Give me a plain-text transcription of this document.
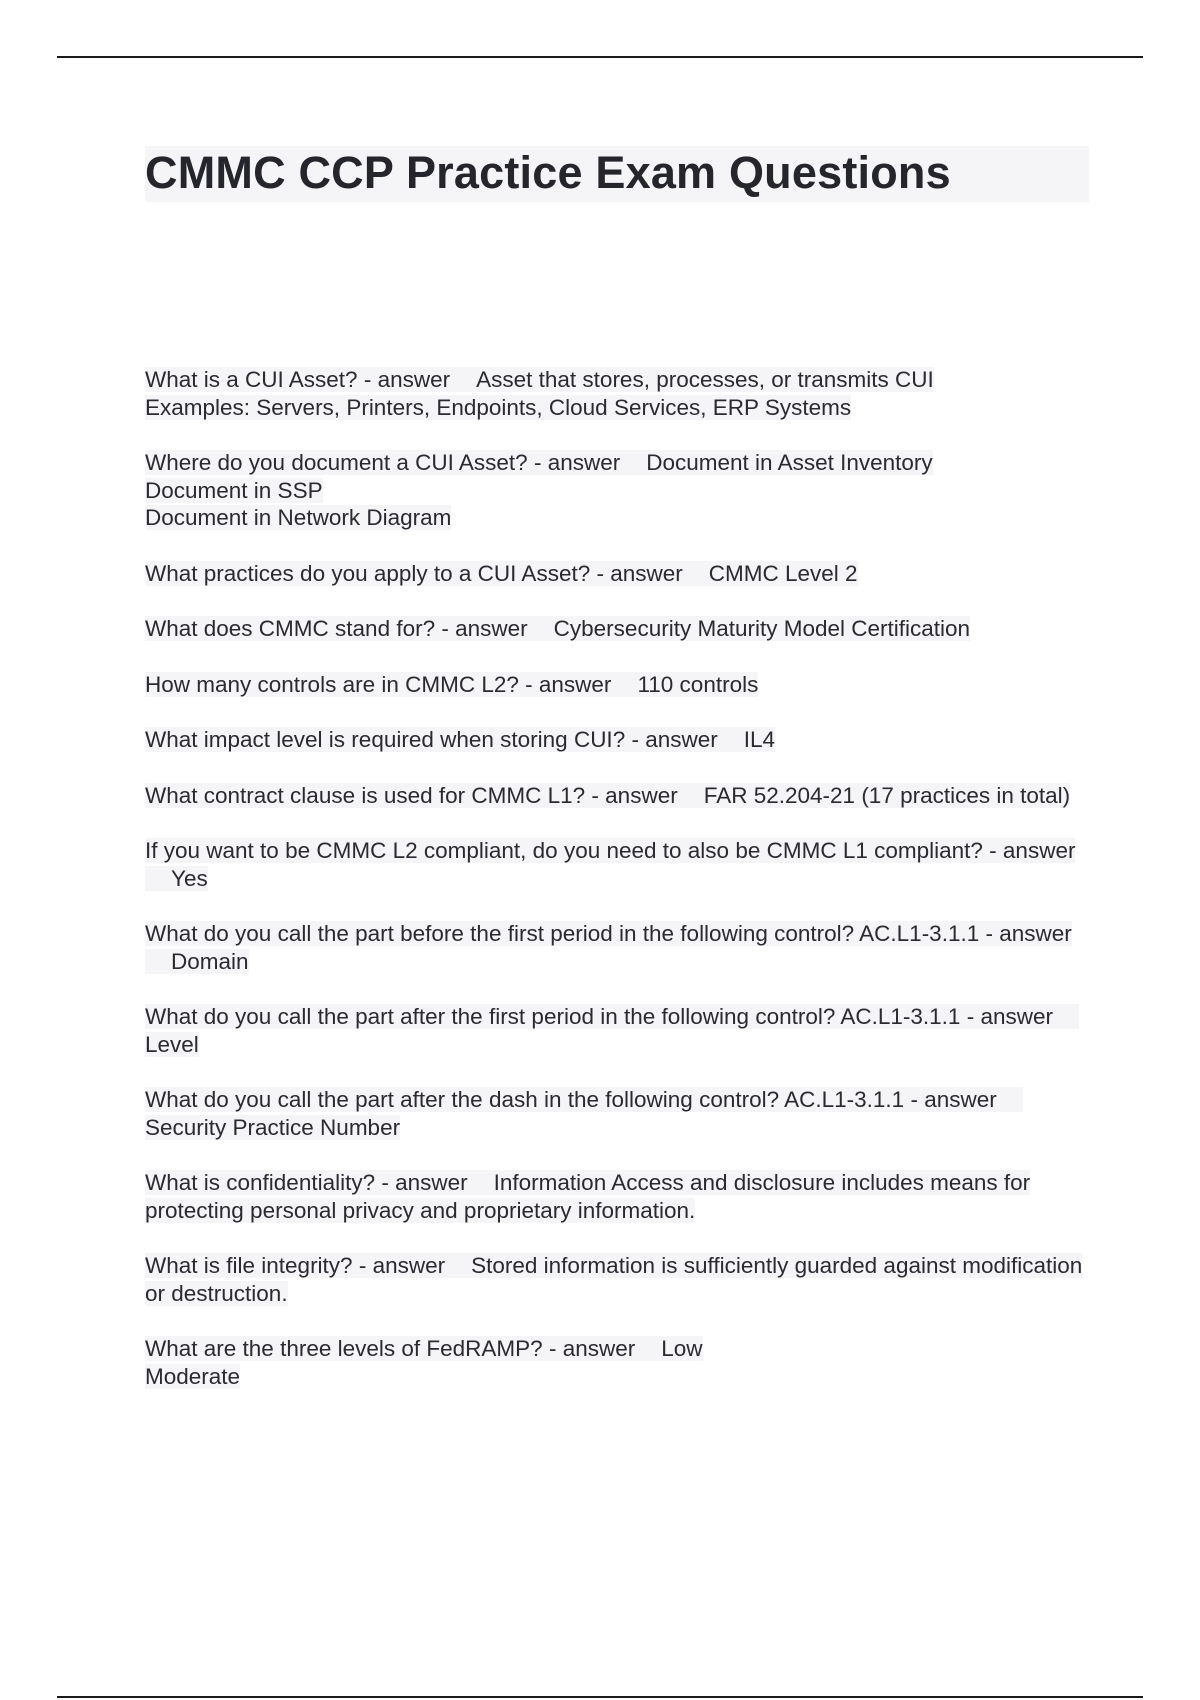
CMMC CCP Practice Exam Questions
What is a CUI Asset? - answer Asset that stores, processes, or transmits CUI
Examples: Servers, Printers, Endpoints, Cloud Services, ERP Systems
Where do you document a CUI Asset? - answer Document in Asset Inventory
Document in SSP
Document in Network Diagram
What practices do you apply to a CUI Asset? - answer CMMC Level 2
What does CMMC stand for? - answer Cybersecurity Maturity Model Certification
How many controls are in CMMC L2? - answer 110 controls
What impact level is required when storing CUI? - answer IL4
What contract clause is used for CMMC L1? - answer FAR 52.204-21 (17 practices in total)
If you want to be CMMC L2 compliant, do you need to also be CMMC L1 compliant? - answerYes
What do you call the part before the first period in the following control? AC.L1-3.1.1 - answerDomain
What do you call the part after the first period in the following control? AC.L1-3.1.1 - answerLevel
What do you call the part after the dash in the following control? AC.L1-3.1.1 - answerSecurity Practice Number
What is confidentiality? - answer Information Access and disclosure includes means for protecting personal privacy and proprietary information.
What is file integrity? - answer Stored information is sufficiently guarded against modification or destruction.
What are the three levels of FedRAMP? - answer Low
Moderate
